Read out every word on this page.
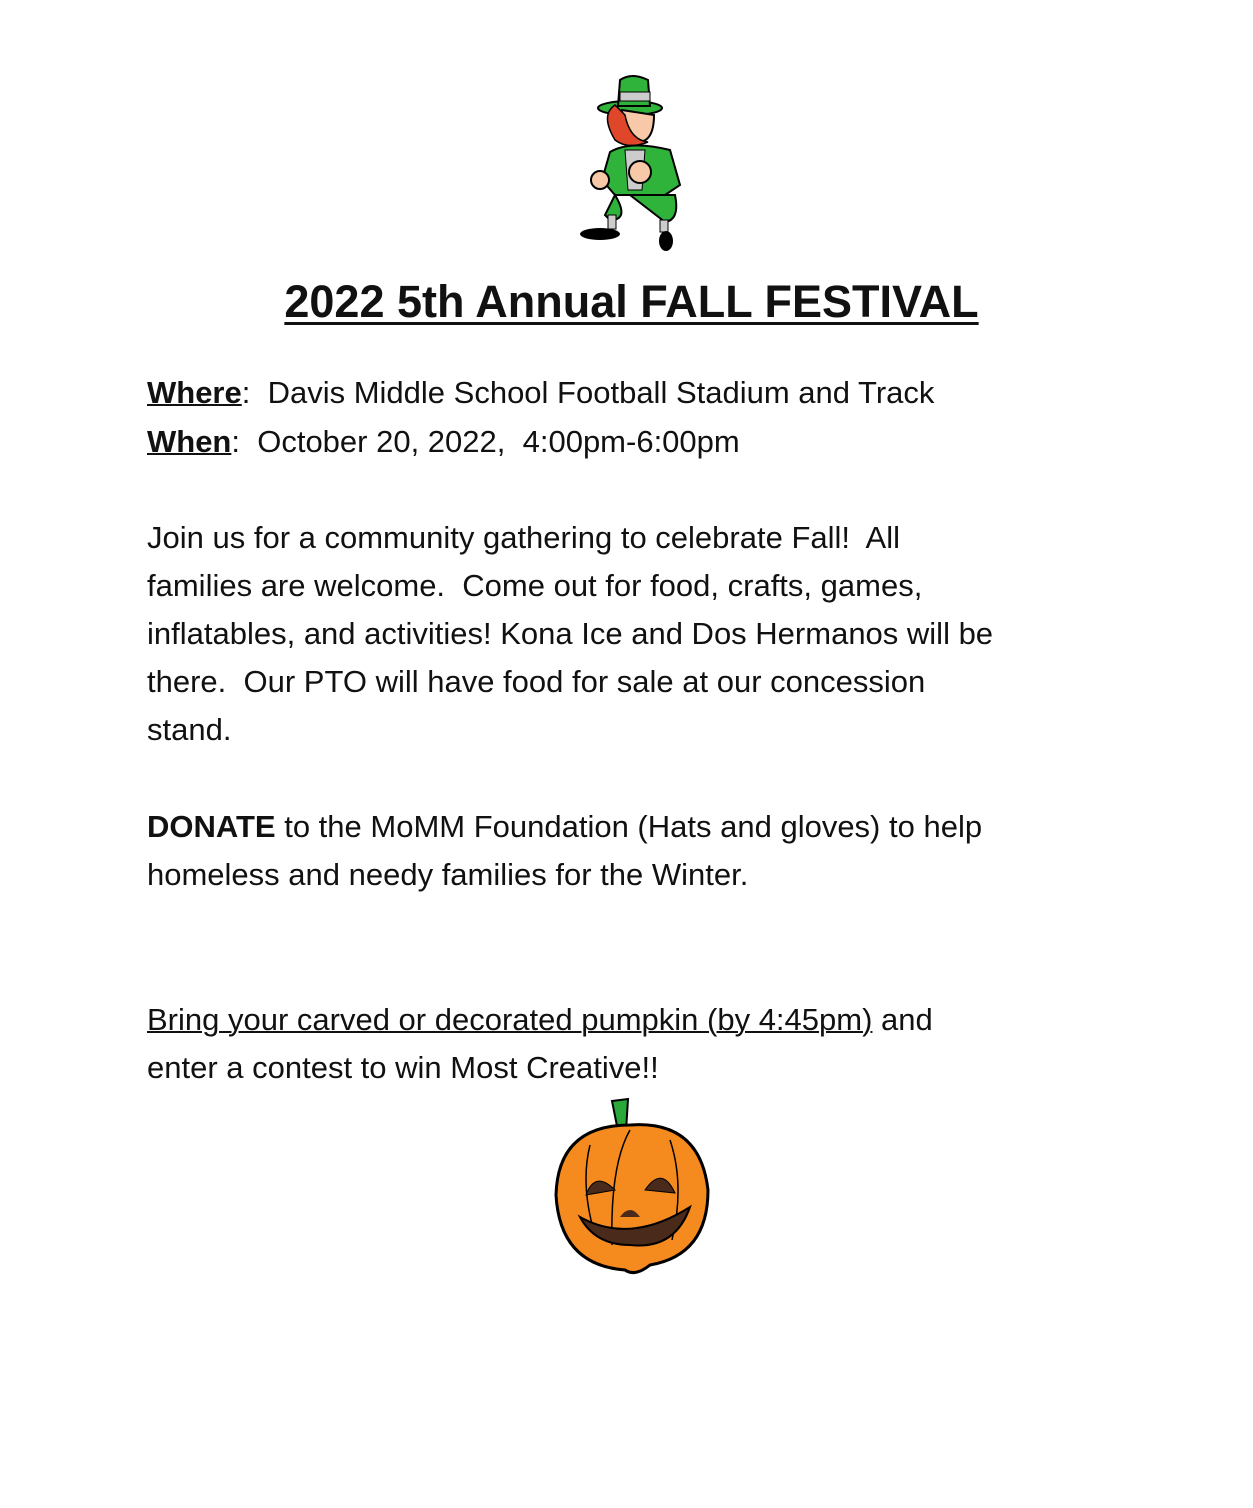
2022 5th Annual FALL FESTIVAL
Where:  Davis Middle School Football Stadium and Track
When:  October 20, 2022,  4:00pm-6:00pm
Join us for a community gathering to celebrate Fall!  All
families are welcome.  Come out for food, crafts, games,
inflatables, and activities! Kona Ice and Dos Hermanos will be
there.  Our PTO will have food for sale at our concession
stand.
DONATE to the MoMM Foundation (Hats and gloves) to help
homeless and needy families for the Winter.
Bring your carved or decorated pumpkin (by 4:45pm) and
enter a contest to win Most Creative!!
